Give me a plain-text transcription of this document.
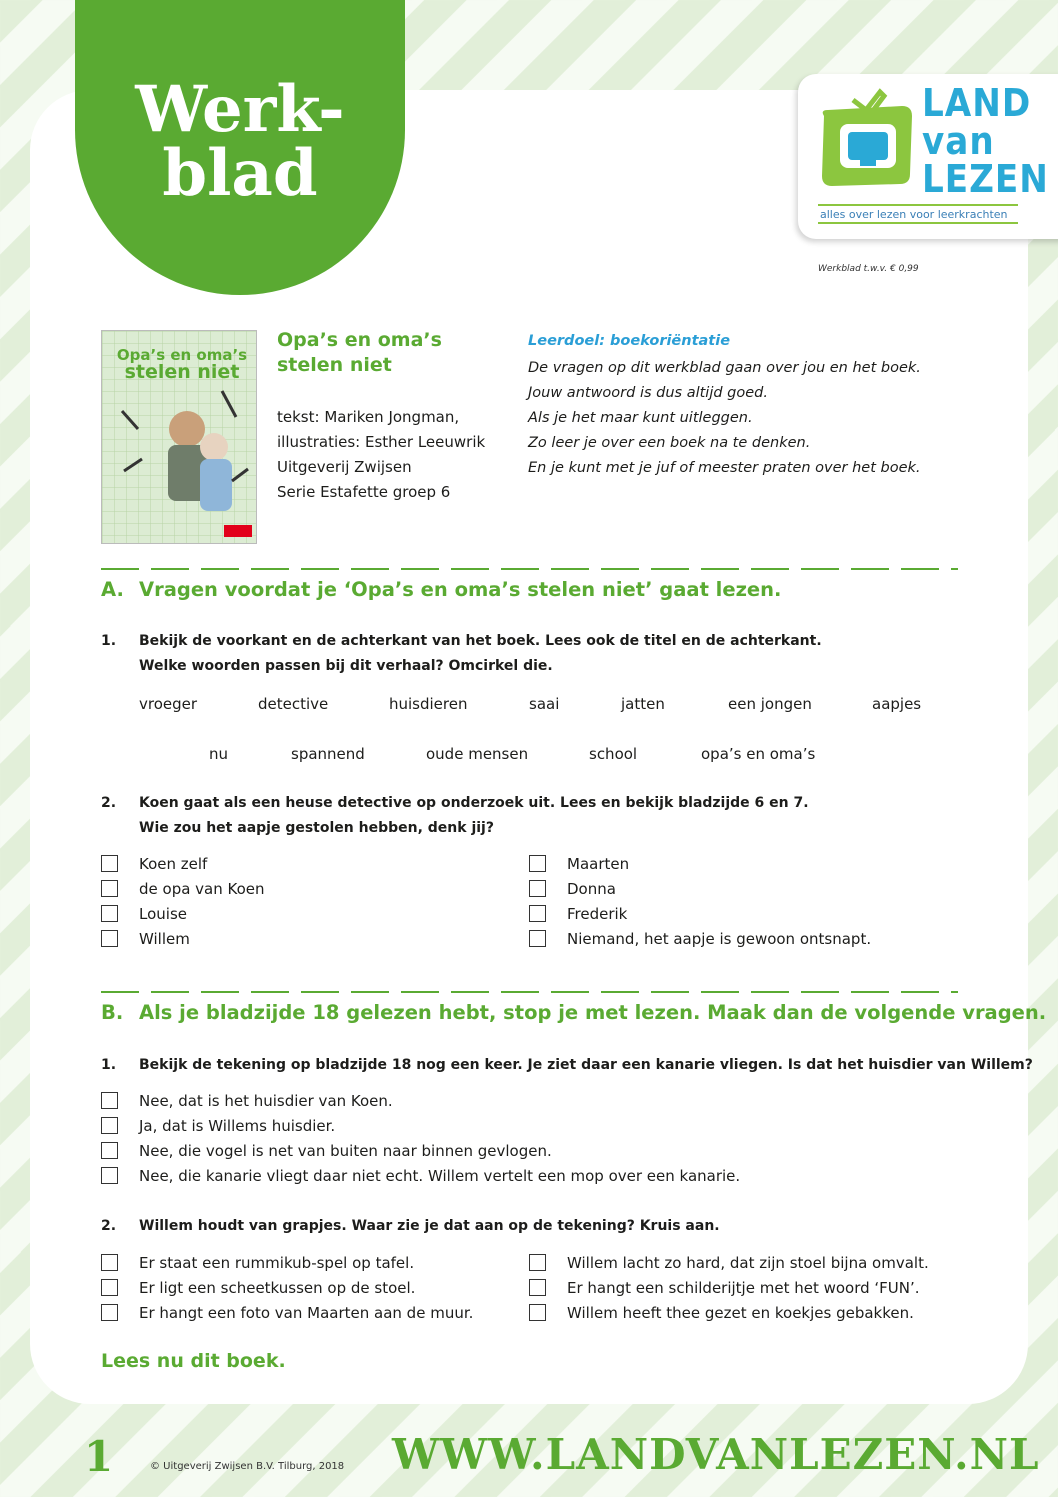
Werk-
blad
LAND
van
LEZEN
alles over lezen voor leerkrachten
Werkblad t.w.v. € 0,99
Opa’s en oma’s
stelen niet
Opa’s en oma’s
stelen niet
tekst: Mariken Jongman,
illustraties: Esther Leeuwrik
Uitgeverij Zwijsen
Serie Estafette groep 6
Leerdoel: boekoriëntatie
De vragen op dit werkblad gaan over jou en het boek.
Jouw antwoord is dus altijd goed.
Als je het maar kunt uitleggen.
Zo leer je over een boek na te denken.
En je kunt met je juf of meester praten over het boek.
A. Vragen voordat je ‘Opa’s en oma’s stelen niet’ gaat lezen.
1. Bekijk de voorkant en de achterkant van het boek. Lees ook de titel en de achterkant.
Welke woorden passen bij dit verhaal? Omcirkel die.
vroeger	detective	huisdieren	saai	jatten	een jongen	aapjes
nu	spannend	oude mensen	school	opa’s en oma’s
2. Koen gaat als een heuse detective op onderzoek uit. Lees en bekijk bladzijde 6 en 7.
Wie zou het aapje gestolen hebben, denk jij?
Koen zelf
de opa van Koen
Louise
Willem
Maarten
Donna
Frederik
Niemand, het aapje is gewoon ontsnapt.
B. Als je bladzijde 18 gelezen hebt, stop je met lezen. Maak dan de volgende vragen.
1. Bekijk de tekening op bladzijde 18 nog een keer. Je ziet daar een kanarie vliegen. Is dat het huisdier van Willem?
Nee, dat is het huisdier van Koen.
Ja, dat is Willems huisdier.
Nee, die vogel is net van buiten naar binnen gevlogen.
Nee, die kanarie vliegt daar niet echt. Willem vertelt een mop over een kanarie.
2. Willem houdt van grapjes. Waar zie je dat aan op de tekening? Kruis aan.
Er staat een rummikub-spel op tafel.
Er ligt een scheetkussen op de stoel.
Er hangt een foto van Maarten aan de muur.
Willem lacht zo hard, dat zijn stoel bijna omvalt.
Er hangt een schilderijtje met het woord ‘FUN’.
Willem heeft thee gezet en koekjes gebakken.
Lees nu dit boek.
1	© Uitgeverij Zwijsen B.V. Tilburg, 2018 WWW.LANDVANLEZEN.NL
